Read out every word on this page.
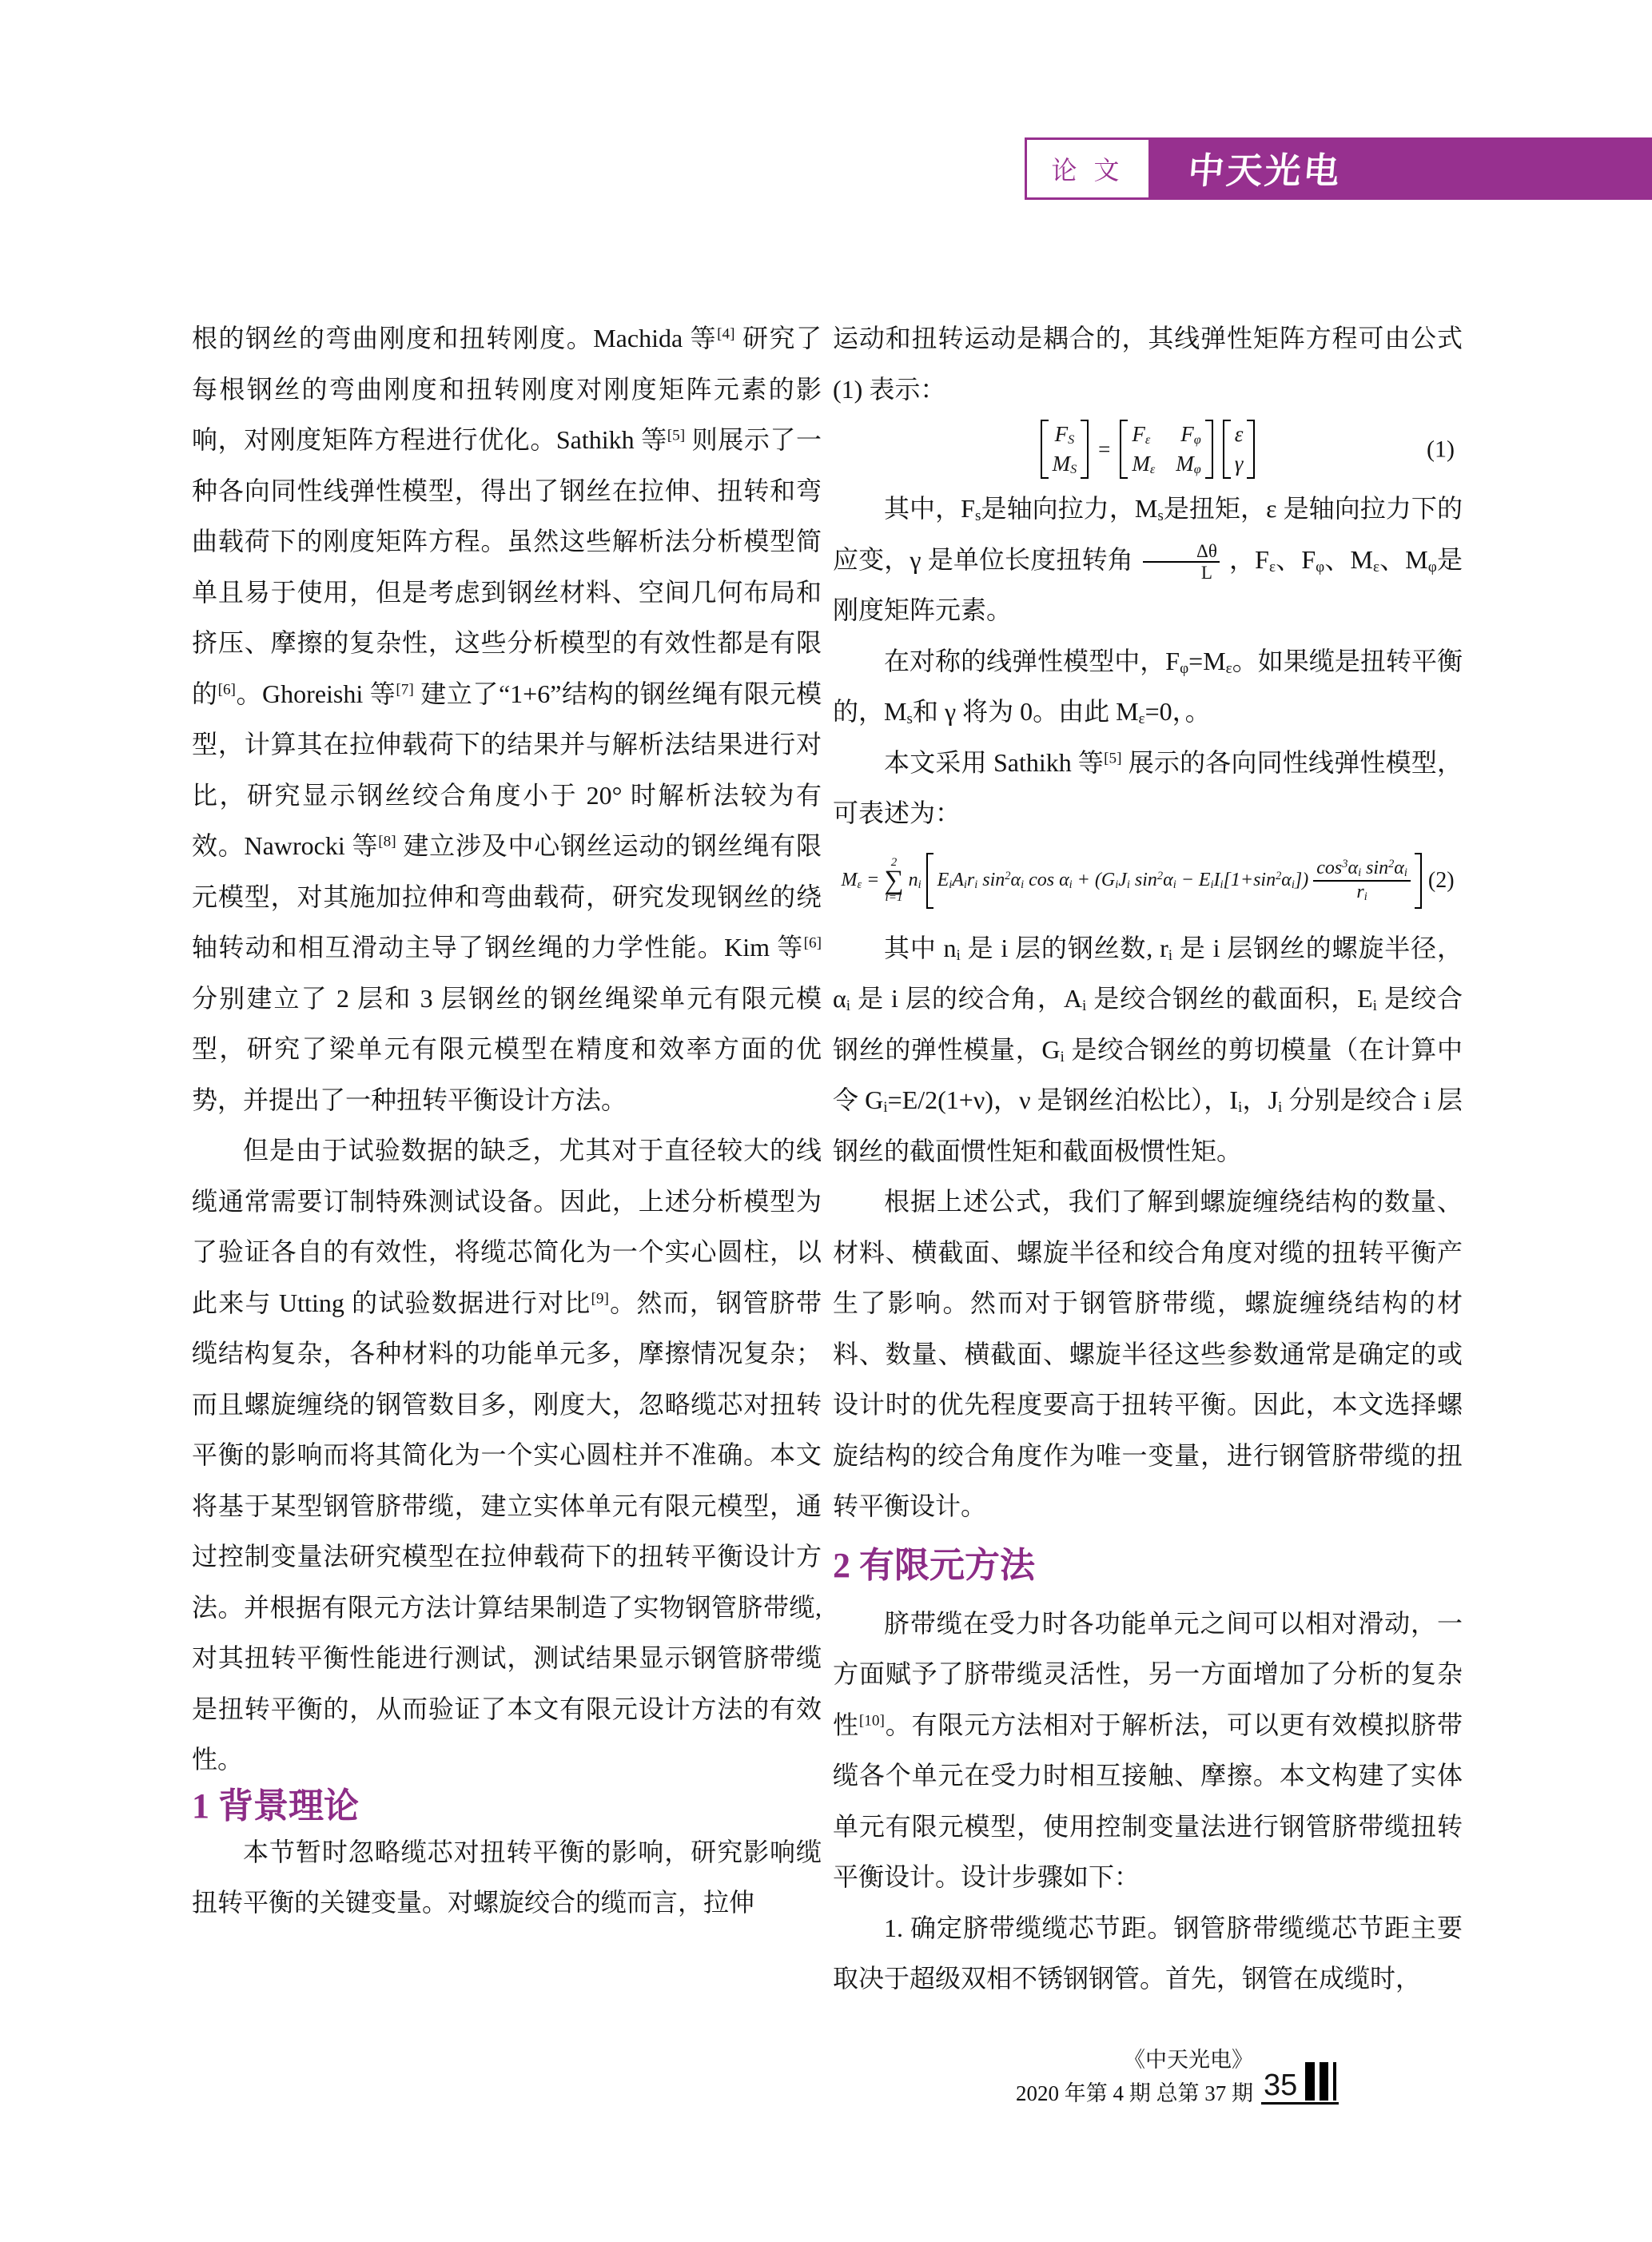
论 文 中天光电

根的钢丝的弯曲刚度和扭转刚度。Machida 等[4] 研究了每根钢丝的弯曲刚度和扭转刚度对刚度矩阵元素的影响，对刚度矩阵方程进行优化。Sathikh 等[5] 则展示了一种各向同性线弹性模型，得出了钢丝在拉伸、扭转和弯曲载荷下的刚度矩阵方程。虽然这些解析法分析模型简单且易于使用，但是考虑到钢丝材料、空间几何布局和挤压、摩擦的复杂性，这些分析模型的有效性都是有限的[6]。Ghoreishi 等[7] 建立了“1+6”结构的钢丝绳有限元模型，计算其在拉伸载荷下的结果并与解析法结果进行对比，研究显示钢丝绞合角度小于 20° 时解析法较为有效。Nawrocki 等[8] 建立涉及中心钢丝运动的钢丝绳有限元模型，对其施加拉伸和弯曲载荷，研究发现钢丝的绕轴转动和相互滑动主导了钢丝绳的力学性能。Kim 等[6] 分别建立了 2 层和 3 层钢丝的钢丝绳梁单元有限元模型，研究了梁单元有限元模型在精度和效率方面的优势，并提出了一种扭转平衡设计方法。

但是由于试验数据的缺乏，尤其对于直径较大的线缆通常需要订制特殊测试设备。因此，上述分析模型为了验证各自的有效性，将缆芯简化为一个实心圆柱，以此来与 Utting 的试验数据进行对比[9]。然而，钢管脐带缆结构复杂，各种材料的功能单元多，摩擦情况复杂；而且螺旋缠绕的钢管数目多，刚度大，忽略缆芯对扭转平衡的影响而将其简化为一个实心圆柱并不准确。本文将基于某型钢管脐带缆，建立实体单元有限元模型，通过控制变量法研究模型在拉伸载荷下的扭转平衡设计方法。并根据有限元方法计算结果制造了实物钢管脐带缆,对其扭转平衡性能进行测试，测试结果显示钢管脐带缆是扭转平衡的，从而验证了本文有限元设计方法的有效性。

1 背景理论

本节暂时忽略缆芯对扭转平衡的影响，研究影响缆扭转平衡的关键变量。对螺旋绞合的缆而言，拉伸

运动和扭转运动是耦合的，其线弹性矩阵方程可由公式 (1) 表示：

$F_S$
$M_S$
=
$F_\varepsilon$ $F_\varphi$
$M_\varepsilon$ $M_\varphi$
ε
γ
(1)

其中，$F_s$是轴向拉力，$M_s$是扭矩，ε 是轴向拉力下的应变，γ 是单位长度扭转角 $\frac{\Delta\theta}{L}$ ，$F_\varepsilon$、$F_\varphi$、$M_\varepsilon$、$M_\varphi$是刚度矩阵元素。

在对称的线弹性模型中，$F_\varphi=M_\varepsilon$。如果缆是扭转平衡的，$M_s$和 γ 将为 0。由此 $M_\varepsilon=0$，。

本文采用 Sathikh 等[5] 展示的各向同性线弹性模型，可表述为：

$M_\varepsilon$ =
2
∑
i=1
$n_i$ $E_iA_ir_i$ $\sin^2\alpha_i$ $\cos \alpha_i + (G_iJ_i$ $\sin^2\alpha_i - E_iI_i[1+\sin^2\alpha_i]) \frac{\cos^3\alpha_i \sin^2\alpha_i}{r_i} (2)$

其中 $n_i$ 是 i 层的钢丝数, $r_i$ 是 i 层钢丝的螺旋半径，$\alpha_i$ 是 i 层的绞合角，$A_i$ 是绞合钢丝的截面积，$E_i$ 是绞合钢丝的弹性模量，$G_i$ 是绞合钢丝的剪切模量（在计算中令 $G_i=E/2(1+\nu)$，ν 是钢丝泊松比），$I_i$，$J_i$ 分别是绞合 i 层钢丝的截面惯性矩和截面极惯性矩。

根据上述公式，我们了解到螺旋缠绕结构的数量、材料、横截面、螺旋半径和绞合角度对缆的扭转平衡产生了影响。然而对于钢管脐带缆，螺旋缠绕结构的材料、数量、横截面、螺旋半径这些参数通常是确定的或设计时的优先程度要高于扭转平衡。因此，本文选择螺旋结构的绞合角度作为唯一变量，进行钢管脐带缆的扭转平衡设计。

2 有限元方法

脐带缆在受力时各功能单元之间可以相对滑动，一方面赋予了脐带缆灵活性，另一方面增加了分析的复杂性[10]。有限元方法相对于解析法，可以更有效模拟脐带缆各个单元在受力时相互接触、摩擦。本文构建了实体单元有限元模型，使用控制变量法进行钢管脐带缆扭转平衡设计。设计步骤如下：

1. 确定脐带缆缆芯节距。钢管脐带缆缆芯节距主要取决于超级双相不锈钢钢管。首先，钢管在成缆时，

《中天光电》
2020 年第 4 期 总第 37 期 35
